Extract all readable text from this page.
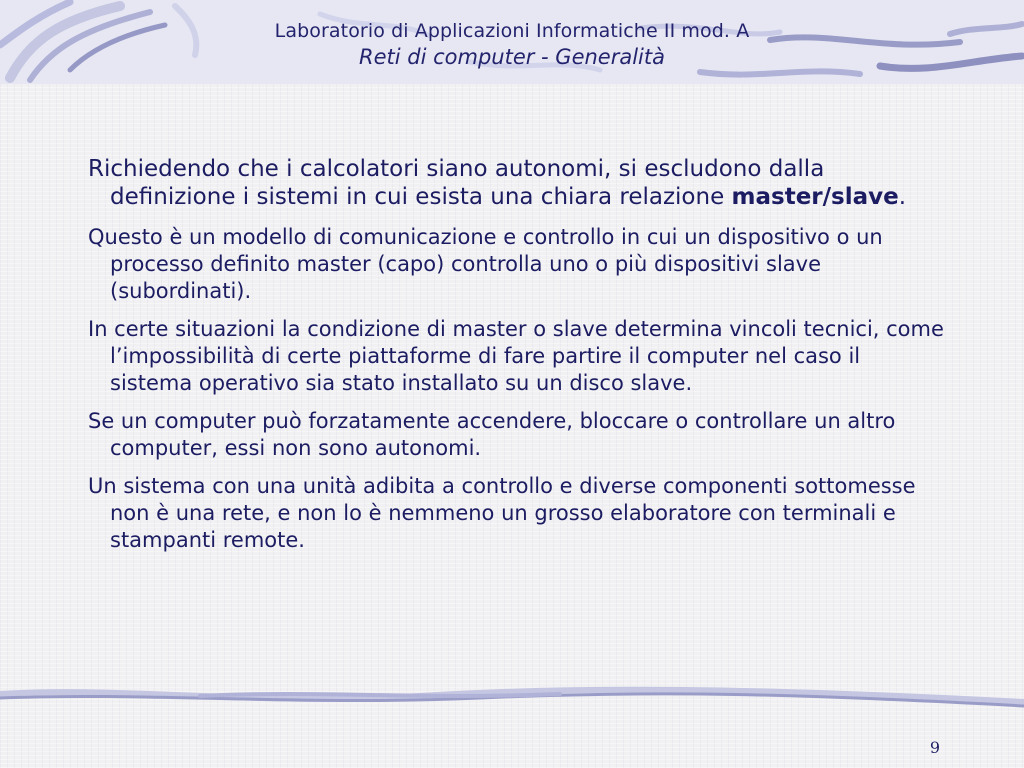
Laboratorio di Applicazioni Informatiche II mod. A
Reti di computer - Generalità

Richiedendo che i calcolatori siano autonomi, si escludono dalla definizione i sistemi in cui esista una chiara relazione master/slave.

Questo è un modello di comunicazione e controllo in cui un dispositivo o un processo definito master (capo) controlla uno o più dispositivi slave (subordinati).

In certe situazioni la condizione di master o slave determina vincoli tecnici, come l’impossibilità di certe piattaforme di fare partire il computer nel caso il sistema operativo sia stato installato su un disco slave.

Se un computer può forzatamente accendere, bloccare o controllare un altro computer, essi non sono autonomi.

Un sistema con una unità adibita a controllo e diverse componenti sottomesse non è una rete, e non lo è nemmeno un grosso elaboratore con terminali e stampanti remote.

9
